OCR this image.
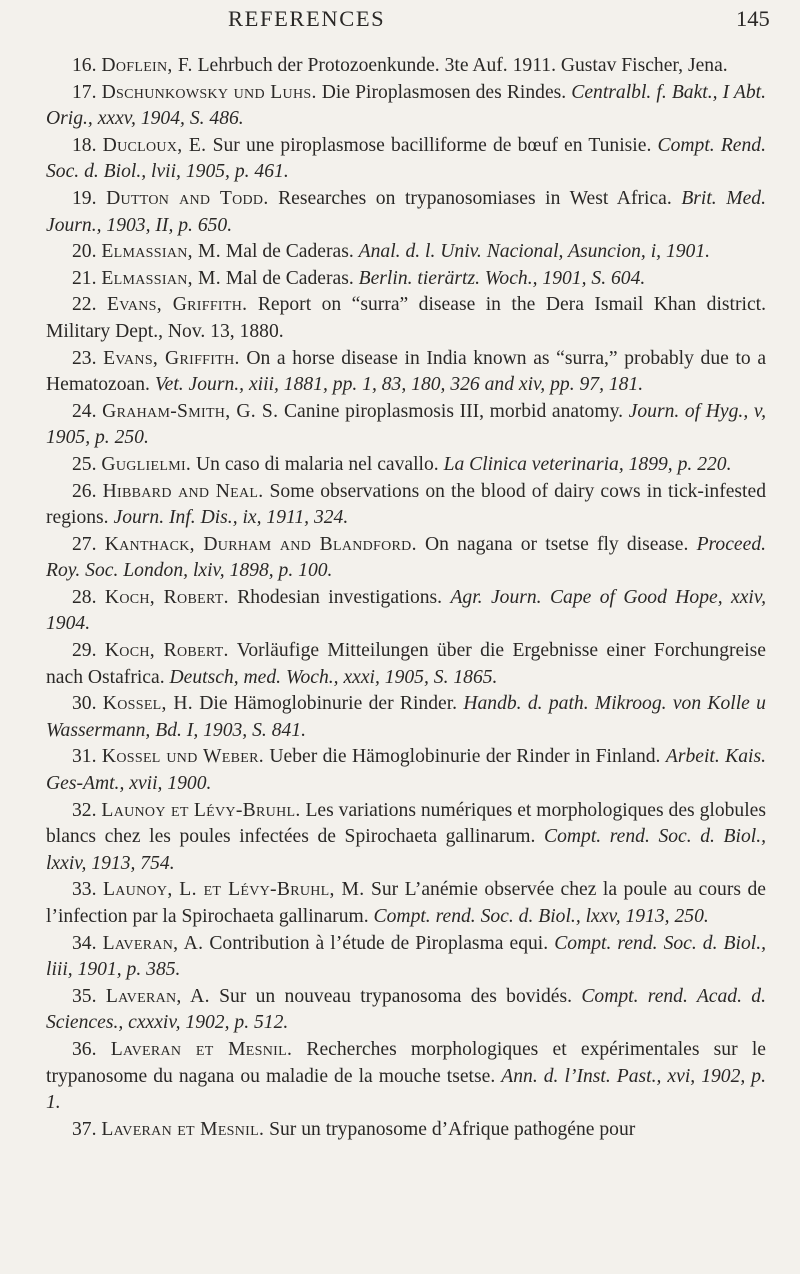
REFERENCES	145
16. Doflein, F. Lehrbuch der Protozoenkunde. 3te Auf. 1911. Gustav Fischer, Jena.
17. Dschunkowsky und Luhs. Die Piroplasmosen des Rindes. Centralbl. f. Bakt., I Abt. Orig., xxxv, 1904, S. 486.
18. Ducloux, E. Sur une piroplasmose bacilliforme de bœuf en Tunisie. Compt. Rend. Soc. d. Biol., lvii, 1905, p. 461.
19. Dutton and Todd. Researches on trypanosomiases in West Africa. Brit. Med. Journ., 1903, II, p. 650.
20. Elmassian, M. Mal de Caderas. Anal. d. l. Univ. Nacional, Asuncion, i, 1901.
21. Elmassian, M. Mal de Caderas. Berlin. tierärtz. Woch., 1901, S. 604.
22. Evans, Griffith. Report on “surra” disease in the Dera Ismail Khan district. Military Dept., Nov. 13, 1880.
23. Evans, Griffith. On a horse disease in India known as “surra,” probably due to a Hematozoan. Vet. Journ., xiii, 1881, pp. 1, 83, 180, 326 and xiv, pp. 97, 181.
24. Graham-Smith, G. S. Canine piroplasmosis III, morbid anatomy. Journ. of Hyg., v, 1905, p. 250.
25. Guglielmi. Un caso di malaria nel cavallo. La Clinica veterinaria, 1899, p. 220.
26. Hibbard and Neal. Some observations on the blood of dairy cows in tick-infested regions. Journ. Inf. Dis., ix, 1911, 324.
27. Kanthack, Durham and Blandford. On nagana or tsetse fly disease. Proceed. Roy. Soc. London, lxiv, 1898, p. 100.
28. Koch, Robert. Rhodesian investigations. Agr. Journ. Cape of Good Hope, xxiv, 1904.
29. Koch, Robert. Vorläufige Mitteilungen über die Ergebnisse einer Forchungreise nach Ostafrica. Deutsch, med. Woch., xxxi, 1905, S. 1865.
30. Kossel, H. Die Hämoglobinurie der Rinder. Handb. d. path. Mikroog. von Kolle u Wassermann, Bd. I, 1903, S. 841.
31. Kossel und Weber. Ueber die Hämoglobinurie der Rinder in Finland. Arbeit. Kais. Ges-Amt., xvii, 1900.
32. Launoy et Lévy-Bruhl. Les variations numériques et morphologiques des globules blancs chez les poules infectées de Spirochaeta gallinarum. Compt. rend. Soc. d. Biol., lxxiv, 1913, 754.
33. Launoy, L. et Lévy-Bruhl, M. Sur L’anémie observée chez la poule au cours de l’infection par la Spirochaeta gallinarum. Compt. rend. Soc. d. Biol., lxxv, 1913, 250.
34. Laveran, A. Contribution à l’étude de Piroplasma equi. Compt. rend. Soc. d. Biol., liii, 1901, p. 385.
35. Laveran, A. Sur un nouveau trypanosoma des bovidés. Compt. rend. Acad. d. Sciences., cxxxiv, 1902, p. 512.
36. Laveran et Mesnil. Recherches morphologiques et expérimentales sur le trypanosome du nagana ou maladie de la mouche tsetse. Ann. d. l’Inst. Past., xvi, 1902, p. 1.
37. Laveran et Mesnil. Sur un trypanosome d’Afrique pathogéne pour
